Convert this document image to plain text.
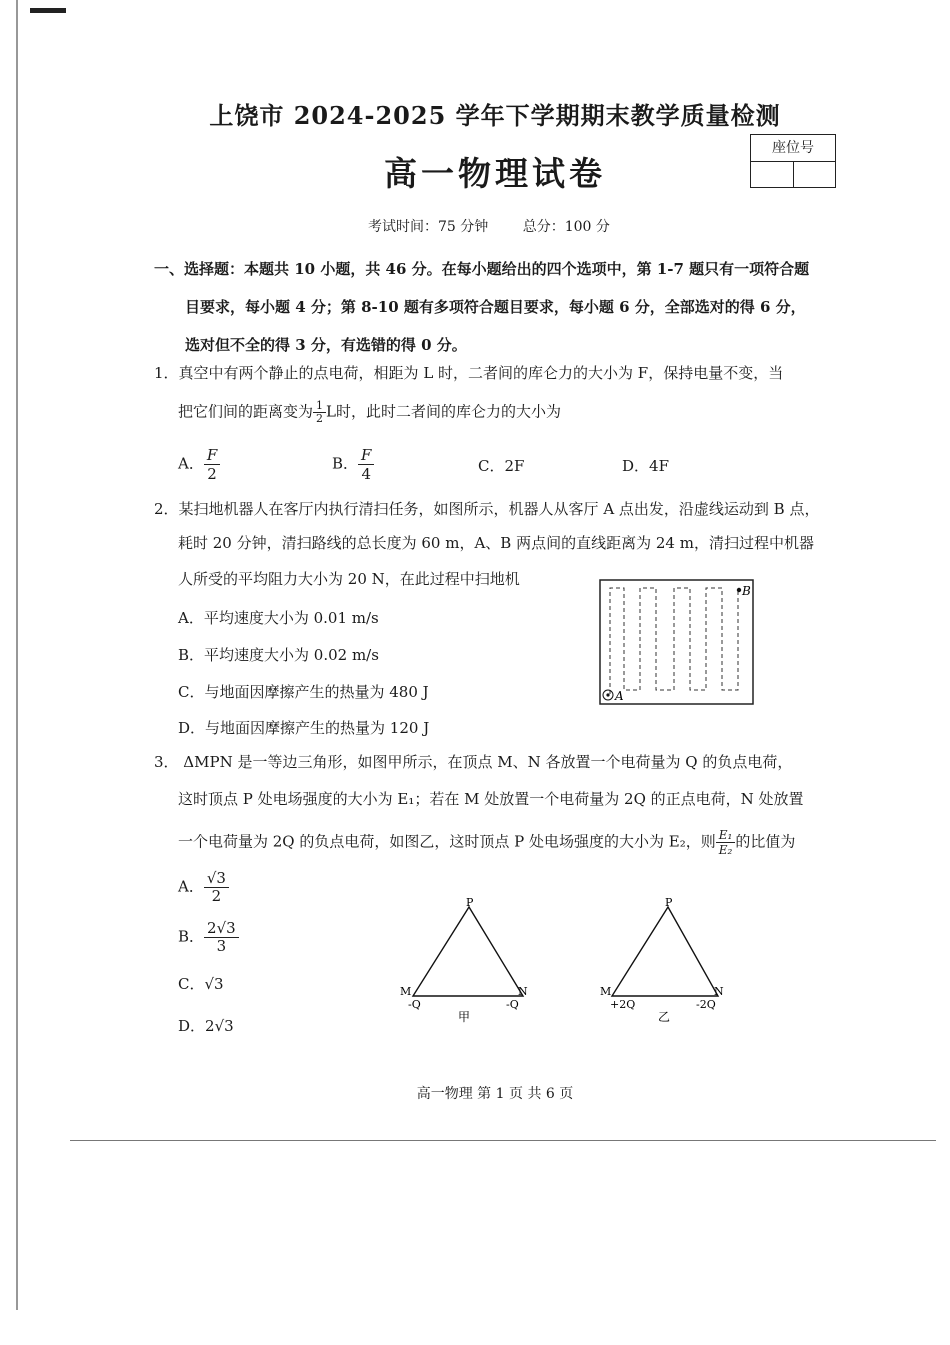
上饶市 2024-2025 学年下学期期末教学质量检测
高一物理试卷
座位号
考试时间：75 分钟 总分：100 分
一、选择题：本题共 10 小题，共 46 分。在每小题给出的四个选项中，第 1-7 题只有一项符合题
目要求，每小题 4 分；第 8-10 题有多项符合题目要求，每小题 6 分，全部选对的得 6 分，
选对但不全的得 3 分，有选错的得 0 分。
1．真空中有两个静止的点电荷，相距为 L 时，二者间的库仑力的大小为 F，保持电量不变，当
把它们间的距离变为 $\frac{1}{2}$ L时，此时二者间的库仑力的大小为
A． $\frac{F}{2}$	B． $\frac{F}{4}$	C．2F	D．4F
2．某扫地机器人在客厅内执行清扫任务，如图所示，机器人从客厅 A 点出发，沿虚线运动到 B 点，
耗时 20 分钟，清扫路线的总长度为 60 m，A、B 两点间的直线距离为 24 m，清扫过程中机器
人所受的平均阻力大小为 20 N，在此过程中扫地机
A．平均速度大小为 0.01 m/s
B．平均速度大小为 0.02 m/s
C．与地面因摩擦产生的热量为 480 J
D．与地面因摩擦产生的热量为 120 J
B
A
3． ΔMPN 是一等边三角形，如图甲所示，在顶点 M、N 各放置一个电荷量为 Q 的负点电荷，
这时顶点 P 处电场强度的大小为 E₁；若在 M 处放置一个电荷量为 2Q 的正点电荷，N 处放置
一个电荷量为 2Q 的负点电荷，如图乙，这时顶点 P 处电场强度的大小为 E₂，则 $\frac{\text{E₁}}{\text{E₂}}$ 的比值为
A． $\frac{√3}{2}$
B． $\frac{2√3}{3}$
C．√3
D．2√3
P
M	N
-Q	-Q
甲
P
M	N
+2Q	-2Q
乙
高一物理 第 1 页 共 6 页
